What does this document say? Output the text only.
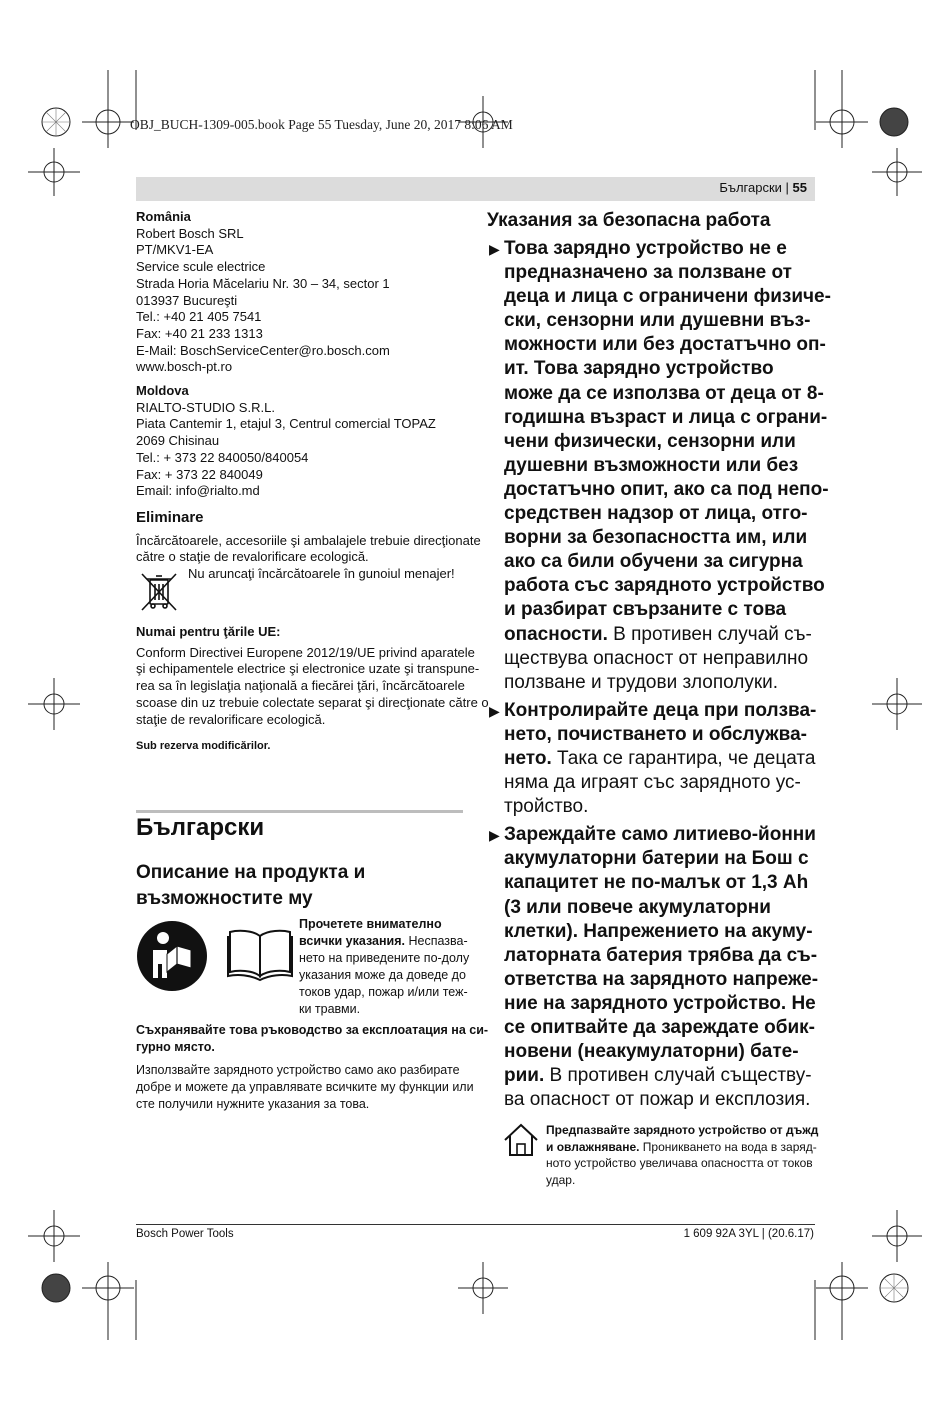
OBJ_BUCH-1309-005.book Page 55 Tuesday, June 20, 2017 8:06 AM
Български | 55
România
Robert Bosch SRL
PT/MKV1-EA
Service scule electrice
Strada Horia Măcelariu Nr. 30 – 34, sector 1
013937 Bucureşti
Tel.: +40 21 405 7541
Fax: +40 21 233 1313
E-Mail: BoschServiceCenter@ro.bosch.com
www.bosch-pt.ro
Moldova
RIALTO-STUDIO S.R.L.
Piata Cantemir 1, etajul 3, Centrul comercial TOPAZ
2069 Chisinau
Tel.: + 373 22 840050/840054
Fax: + 373 22 840049
Email: info@rialto.md
Eliminare
Încărcătoarele, accesoriile şi ambalajele trebuie direcţionate
către o staţie de revalorificare ecologică.
Nu aruncaţi încărcătoarele în gunoiul menajer!
Numai pentru ţările UE:
Conform Directivei Europene 2012/19/UE privind aparatele
şi echipamentele electrice şi electronice uzate şi transpune-
rea sa în legislaţia naţională a fiecărei ţări, încărcătoarele
scoase din uz trebuie colectate separat şi direcţionate către o
staţie de revalorificare ecologică.
Sub rezerva modificărilor.
Български
Описание на продукта и
възможностите му
Прочетете внимателно
всички указания. Неспазва-
нето на приведените по-долу
указания може да доведе до
токов удар, пожар и/или теж-
ки травми.
Съхранявайте това ръководство за експлоатация на си-
гурно място.
Използвайте зарядното устройство само ако разбирате
добре и можете да управлявате всичките му функции или
сте получили нужните указания за това.
Указания за безопасна работа
▶ Това зарядно устройство не е
предназначено за ползване от
деца и лица с ограничени физиче-
ски, сензорни или душевни въз-
можности или без достатъчно оп-
ит. Това зарядно устройство
може да се използва от деца от 8-
годишна възраст и лица с ограни-
чени физически, сензорни или
душевни възможности или без
достатъчно опит, ако са под непо-
средствен надзор от лица, отго-
ворни за безопасността им, или
ако са били обучени за сигурна
работа със зарядното устройство
и разбират свързаните с това
опасности. В противен случай съ-
ществува опасност от неправилно
ползване и трудови злополуки.
▶ Контролирайте деца при ползва-
нето, почистването и обслужва-
нето. Така се гарантира, че децата
няма да играят със зарядното ус-
тройство.
▶ Зареждайте само литиево-йонни
акумулаторни батерии на Бош с
капацитет не по-малък от 1,3 Ah
(3 или повече акумулаторни
клетки). Напрежението на акуму-
латорната батерия трябва да съ-
ответства на зарядното напреже-
ние на зарядното устройство. Не
се опитвайте да зареждате обик-
новени (неакумулаторни) бате-
рии. В противен случай съществу-
ва опасност от пожар и експлозия.
Предпазвайте зарядното устройство от дъжд
и овлажняване. Проникването на вода в заряд-
ното устройство увеличава опасността от токов
удар.
Bosch Power Tools	1 609 92A 3YL | (20.6.17)
